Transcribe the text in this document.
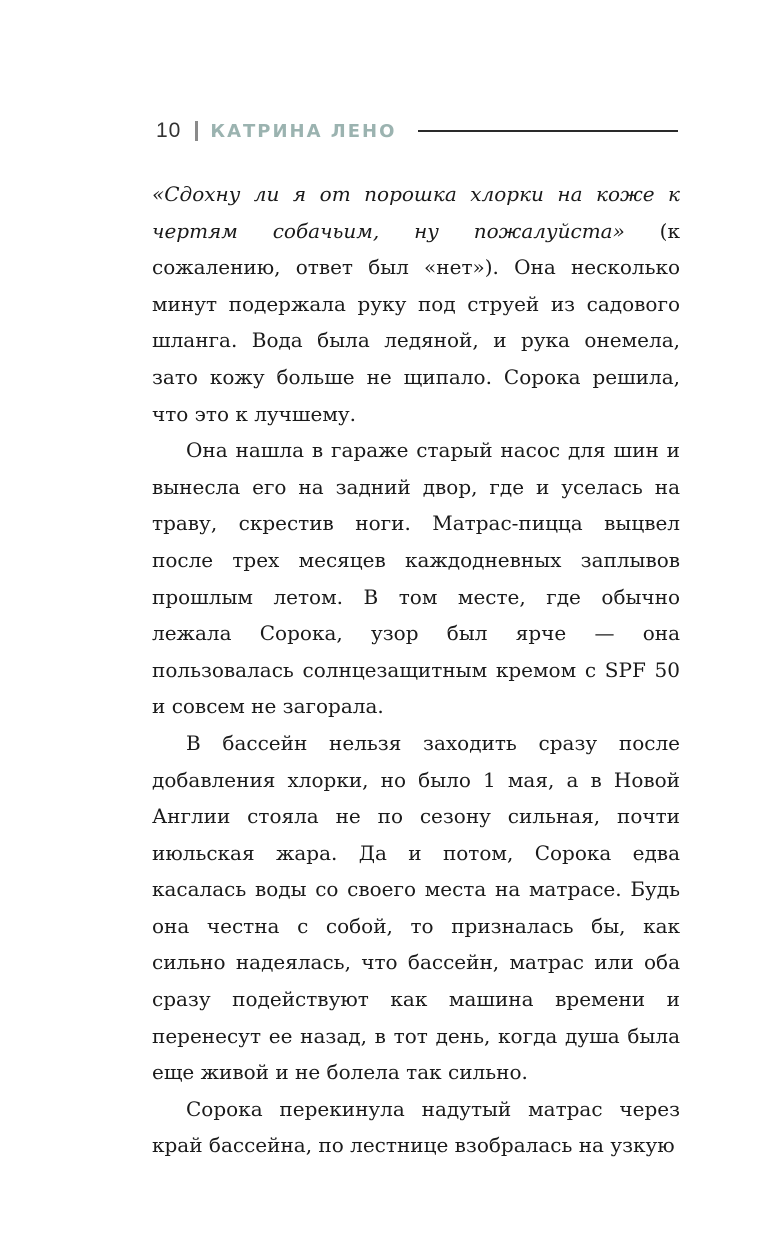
10 КАТРИНА ЛЕНО

«Сдохну ли я от порошка хлорки на коже к чертям собачьим, ну пожалуйста» (к сожалению, ответ был «нет»). Она несколько минут подержала руку под струей из садового шланга. Вода была ледяной, и рука онемела, зато кожу больше не щипало. Сорока решила, что это к лучшему.

Она нашла в гараже старый насос для шин и вынесла его на задний двор, где и уселась на траву, скрестив ноги. Матрас-пицца выцвел после трех месяцев каждодневных заплывов прошлым летом. В том месте, где обычно лежала Сорока, узор был ярче — она пользовалась солнцезащитным кремом с SPF 50 и совсем не загорала.

В бассейн нельзя заходить сразу после добавления хлорки, но было 1 мая, а в Новой Англии стояла не по сезону сильная, почти июльская жара. Да и потом, Сорока едва касалась воды со своего места на матрасе. Будь она честна с собой, то призналась бы, как сильно надеялась, что бассейн, матрас или оба сразу подействуют как машина времени и перенесут ее назад, в тот день, когда душа была еще живой и не болела так сильно.

Сорока перекинула надутый матрас через край бассейна, по лестнице взобралась на узкую
